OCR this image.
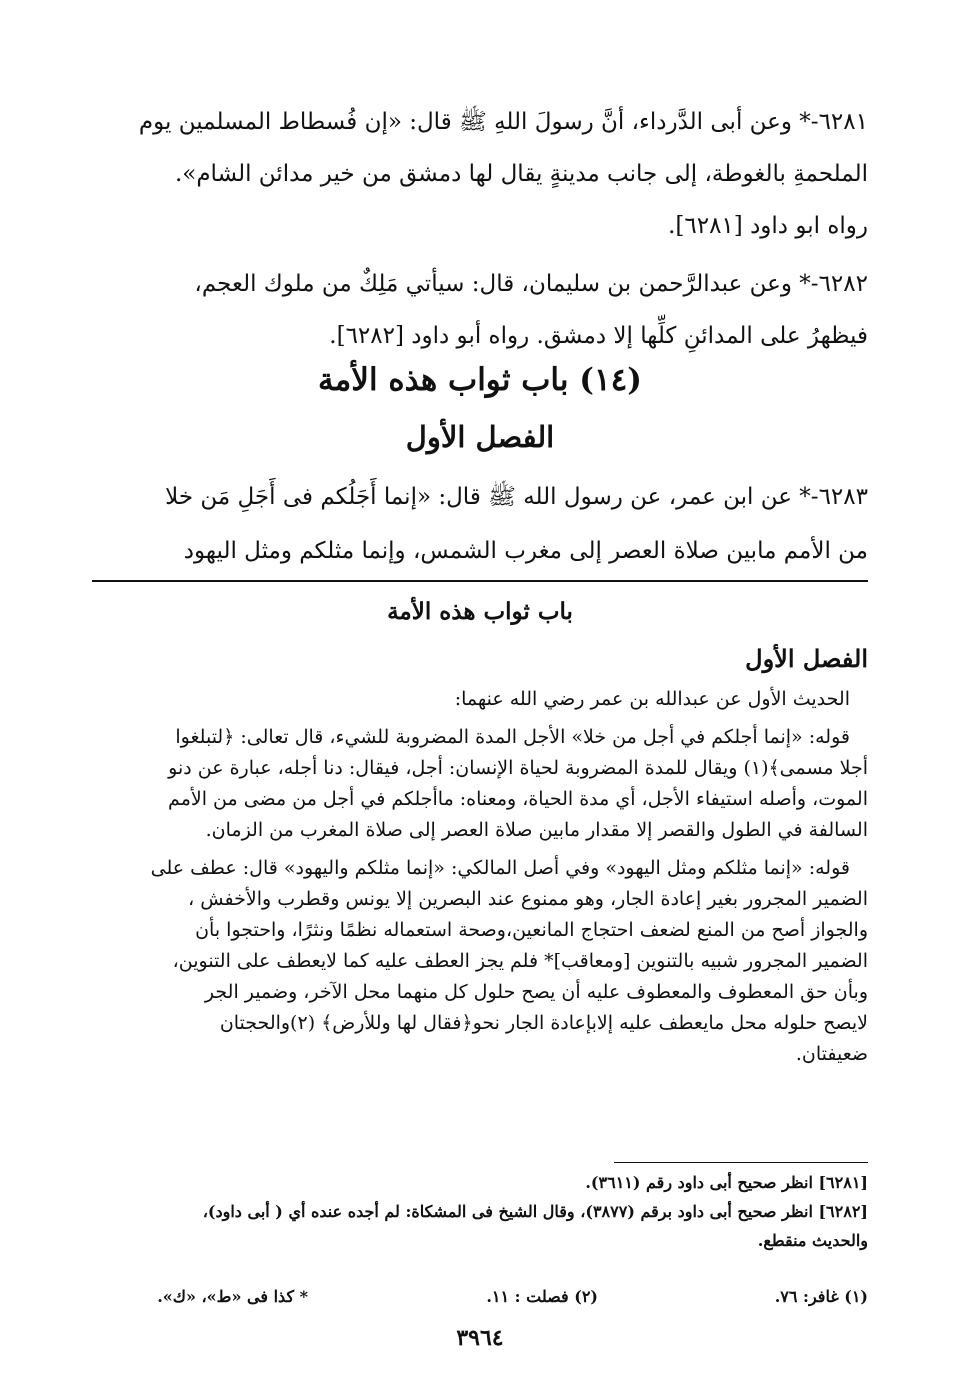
٦٢٨١-* وعن أبى الدَّرداء، أنَّ رسولَ اللهِ ﷺ قال: «إن فُسطاط المسلمين يوم
الملحمةِ بالغوطة، إلى جانب مدينةٍ يقال لها دمشق من خير مدائن الشام».
رواه ابو داود [٦٢٨١].
٦٢٨٢-* وعن عبدالرَّحمن بن سليمان، قال: سيأتي مَلِكٌ من ملوك العجم،
فيظهرُ على المدائنِ كلِّها إلا دمشق. رواه أبو داود [٦٢٨٢].
(١٤) باب ثواب هذه الأمة
الفصل الأول
٦٢٨٣-* عن ابن عمر، عن رسول الله ﷺ قال: «إنما أَجَلُكم فى أَجَلِ مَن خلا
من الأمم مابين صلاة العصر إلى مغرب الشمس، وإنما مثلكم ومثل اليهود
باب ثواب هذه الأمة
الفصل الأول
الحديث الأول عن عبدالله بن عمر رضي الله عنهما:
قوله: «إنما أجلكم في أجل من خلا» الأجل المدة المضروبة للشيء، قال تعالى: ﴿لتبلغوا
أجلا مسمى﴾(١) ويقال للمدة المضروبة لحياة الإنسان: أجل، فيقال: دنا أجله، عبارة عن دنو
الموت، وأصله استيفاء الأجل، أي مدة الحياة، ومعناه: ماأجلكم في أجل من مضى من الأمم
السالفة في الطول والقصر إلا مقدار مابين صلاة العصر إلى صلاة المغرب من الزمان.
قوله: «إنما مثلكم ومثل اليهود» وفي أصل المالكي: «إنما مثلكم واليهود» قال: عطف على
الضمير المجرور بغير إعادة الجار، وهو ممنوع عند البصرين إلا يونس وقطرب والأخفش ،
والجواز أصح من المنع لضعف احتجاج المانعين،وصحة استعماله نظمًا ونثرًا، واحتجوا بأن
الضمير المجرور شبيه بالتنوين [ومعاقب]* فلم يجز العطف عليه كما لايعطف على التنوين،
وبأن حق المعطوف والمعطوف عليه أن يصح حلول كل منهما محل الآخر، وضمير الجر
لايصح حلوله محل مايعطف عليه إلابإعادة الجار نحو﴿فقال لها وللأرض﴾ (٢)والحجتان
ضعيفتان.
[٦٢٨١] انظر صحيح أبى داود رقم (٣٦١١).
[٦٢٨٢] انظر صحيح أبى داود برقم (٣٨٧٧)، وقال الشيخ فى المشكاة: لم أجده عنده أي ( أبى داود)،
والحديث منقطع.
(١) غافر: ٧٦.
(٢) فصلت : ١١.
* كذا فى «ط»، «ك».
٣٩٦٤
